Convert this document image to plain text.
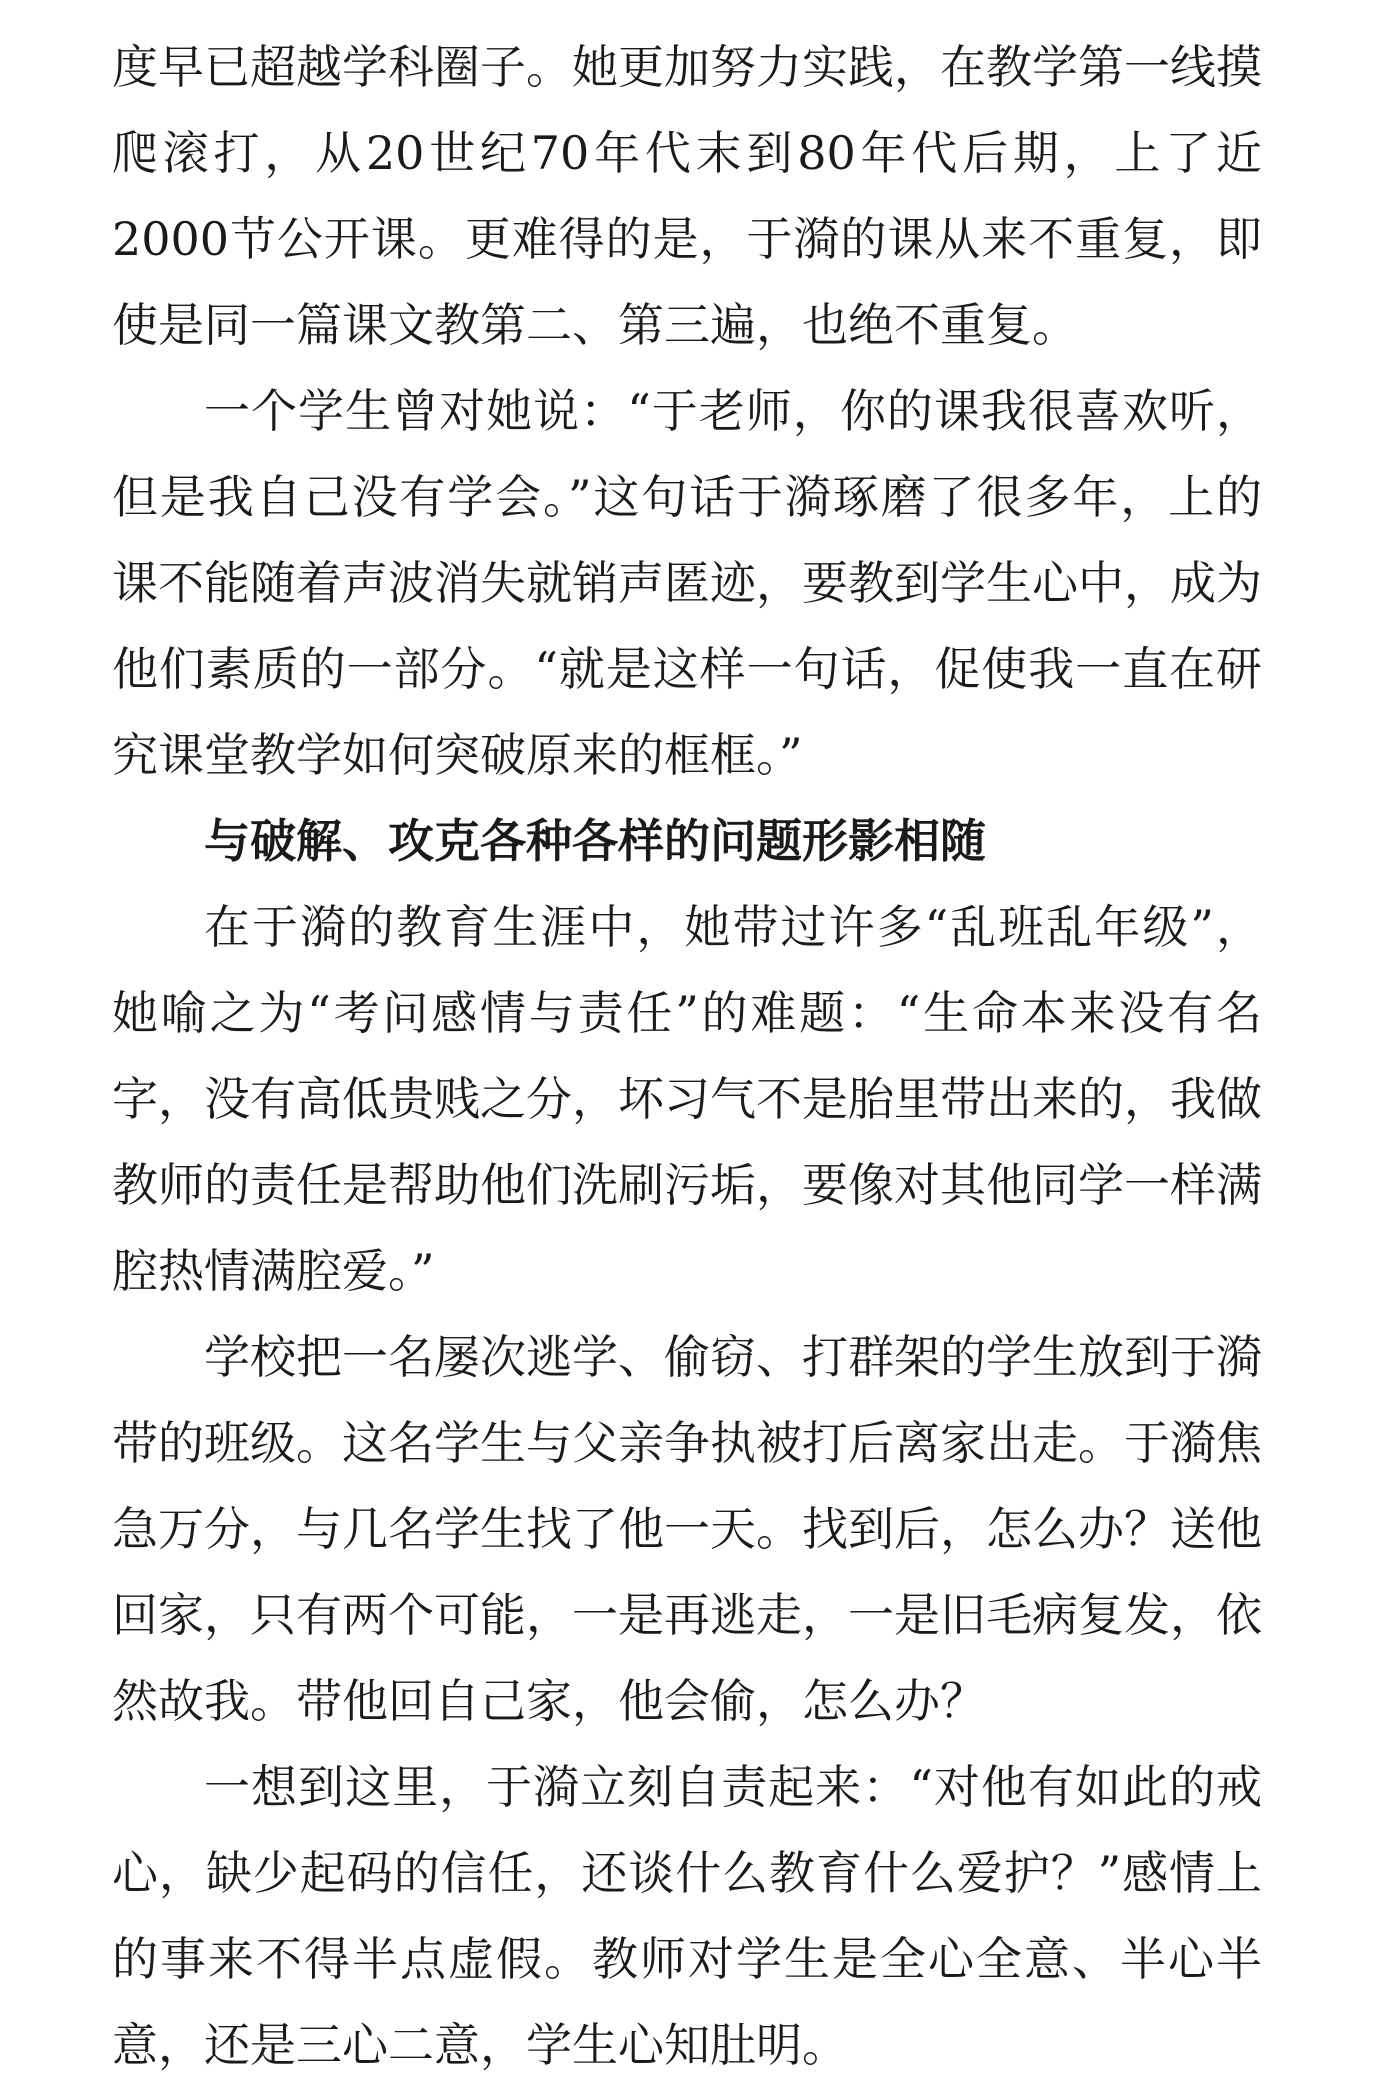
度早已超越学科圈子。她更加努力实践，在教学第一线摸爬滚打，从20世纪70年代末到80年代后期，上了近2000节公开课。更难得的是，于漪的课从来不重复，即使是同一篇课文教第二、第三遍，也绝不重复。

一个学生曾对她说：“于老师，你的课我很喜欢听，但是我自己没有学会。”这句话于漪琢磨了很多年，上的课不能随着声波消失就销声匿迹，要教到学生心中，成为他们素质的一部分。“就是这样一句话，促使我一直在研究课堂教学如何突破原来的框框。”

与破解、攻克各种各样的问题形影相随

在于漪的教育生涯中，她带过许多“乱班乱年级”，她喻之为“考问感情与责任”的难题：“生命本来没有名字，没有高低贵贱之分，坏习气不是胎里带出来的，我做教师的责任是帮助他们洗刷污垢，要像对其他同学一样满腔热情满腔爱。”

学校把一名屡次逃学、偷窃、打群架的学生放到于漪带的班级。这名学生与父亲争执被打后离家出走。于漪焦急万分，与几名学生找了他一天。找到后，怎么办？送他回家，只有两个可能，一是再逃走，一是旧毛病复发，依然故我。带他回自己家，他会偷，怎么办？

一想到这里，于漪立刻自责起来：“对他有如此的戒心，缺少起码的信任，还谈什么教育什么爱护？”感情上的事来不得半点虚假。教师对学生是全心全意、半心半意，还是三心二意，学生心知肚明。
